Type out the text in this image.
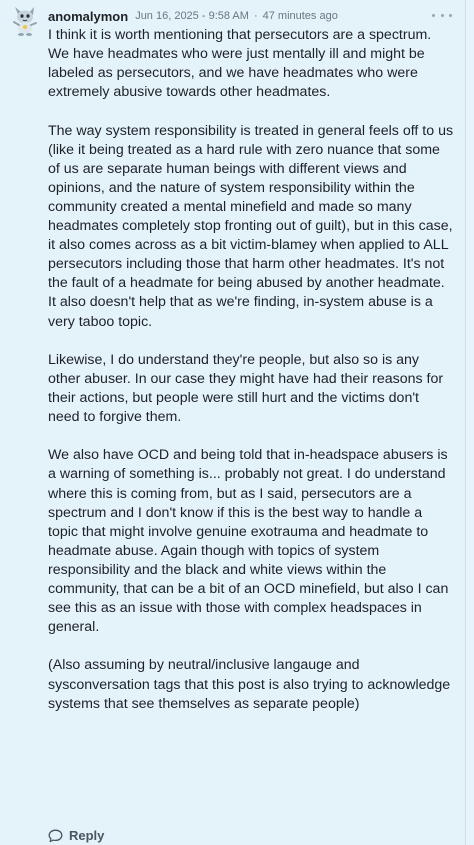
anomalymon Jun 16, 2025 - 9:58 AM · 47 minutes ago

I think it is worth mentioning that persecutors are a spectrum. We have headmates who were just mentally ill and might be labeled as persecutors, and we have headmates who were extremely abusive towards other headmates.

The way system responsibility is treated in general feels off to us (like it being treated as a hard rule with zero nuance that some of us are separate human beings with different views and opinions, and the nature of system responsibility within the community created a mental minefield and made so many headmates completely stop fronting out of guilt), but in this case, it also comes across as a bit victim-blamey when applied to ALL persecutors including those that harm other headmates. It's not the fault of a headmate for being abused by another headmate. It also doesn't help that as we're finding, in-system abuse is a very taboo topic.

Likewise, I do understand they're people, but also so is any other abuser. In our case they might have had their reasons for their actions, but people were still hurt and the victims don't need to forgive them.

We also have OCD and being told that in-headspace abusers is a warning of something is... probably not great. I do understand where this is coming from, but as I said, persecutors are a spectrum and I don't know if this is the best way to handle a topic that might involve genuine exotrauma and headmate to headmate abuse. Again though with topics of system responsibility and the black and white views within the community, that can be a bit of an OCD minefield, but also I can see this as an issue with those with complex headspaces in general.

(Also assuming by neutral/inclusive langauge and sysconversation tags that this post is also trying to acknowledge systems that see themselves as separate people)

Reply
